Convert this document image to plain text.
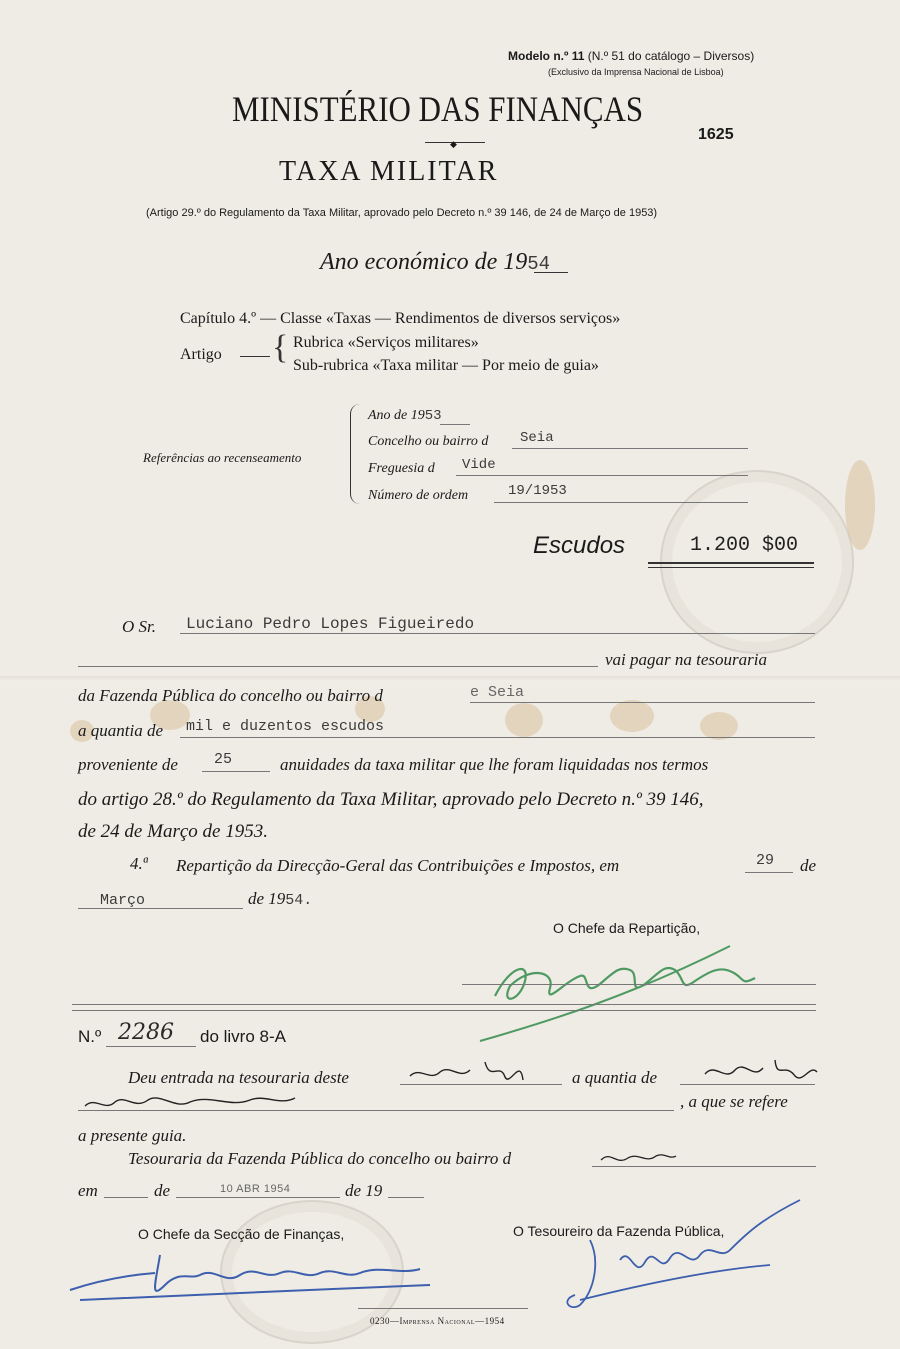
Modelo n.º 11 (N.º 51 do catálogo – Diversos)
(Exclusivo da Imprensa Nacional de Lisboa)
MINISTÉRIO DAS FINANÇAS
◆
1625
TAXA MILITAR
(Artigo 29.º do Regulamento da Taxa Militar, aprovado pelo Decreto n.º 39 146, de 24 de Março de 1953)
Ano económico de 1954
Capítulo 4.º — Classe «Taxas — Rendimentos de diversos serviços»
Artigo { Rubrica «Serviços militares»
Sub-rubrica «Taxa militar — Por meio de guia»
Referências ao recenseamento
Ano de 1953
Concelho ou bairro d Seia
Freguesia d Vide
Número de ordem	19/1953
Escudos	1.200 $00
O Sr. Luciano Pedro Lopes Figueiredo
vai pagar na tesouraria
da Fazenda Pública do concelho ou bairro d	e Seia
a quantia de mil e duzentos escudos
proveniente de 25	anuidades da taxa militar que lhe foram liquidadas nos termos
do artigo 28.º do Regulamento da Taxa Militar, aprovado pelo Decreto n.º 39 146,
de 24 de Março de 1953.
4.ª Repartição da Direcção-Geral das Contribuições e Impostos, em	29 de
Março	de 1954.
O Chefe da Repartição,
N.º 2286 do livro 8-A
Deu entrada na tesouraria deste	a quantia de
, a que se refere
a presente guia.
Tesouraria da Fazenda Pública do concelho ou bairro d
em	de	10 ABR 1954	de 19
O Chefe da Secção de Finanças,	O Tesoureiro da Fazenda Pública,
0230—Imprensa Nacional—1954
